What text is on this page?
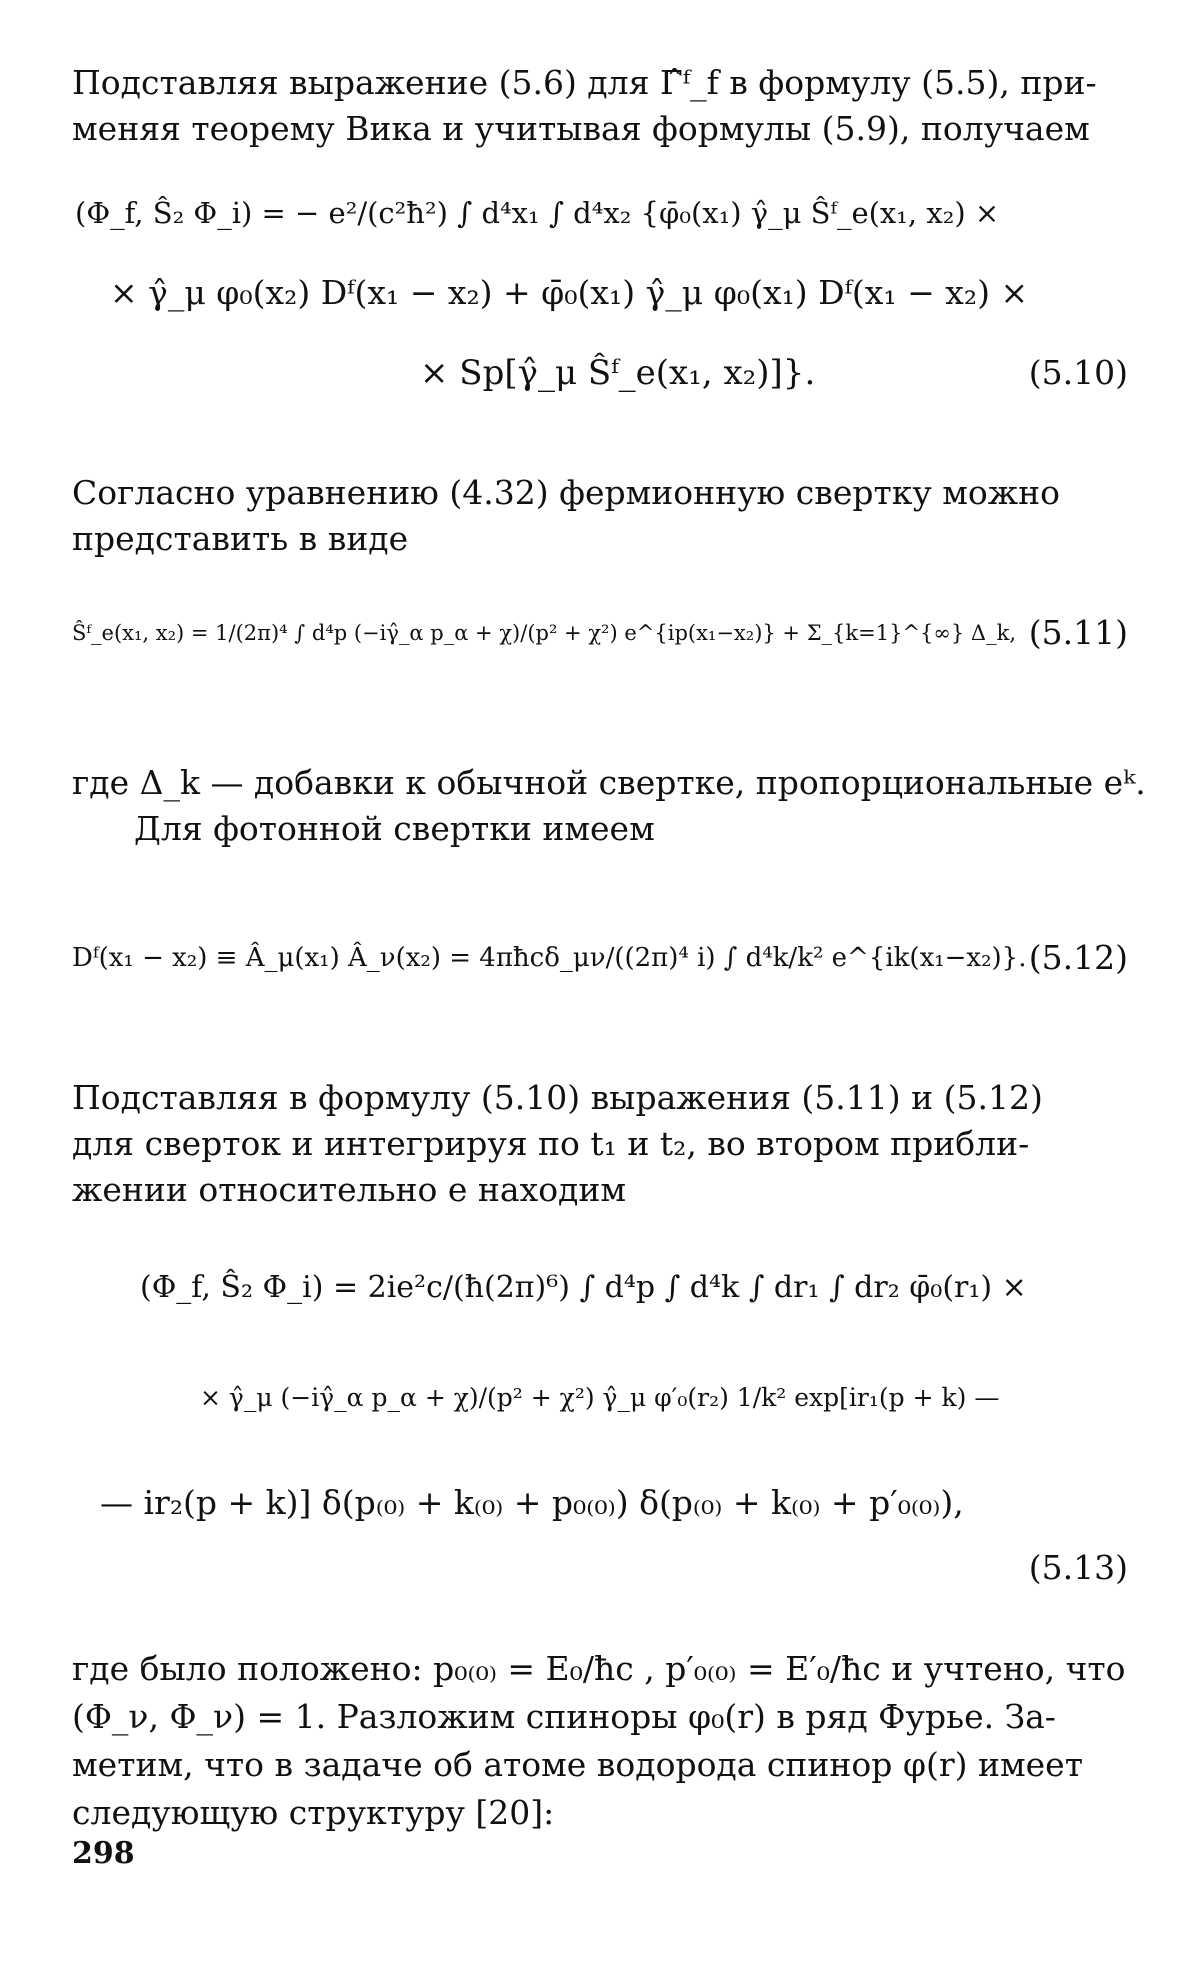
Подставляя выражение (5.6) для Γ̂ᶠ_f в формулу (5.5), при-
меняя теорему Вика и учитывая формулы (5.9), получаем
(Φ_f, Ŝ₂ Φ_i) = − e²/(c²ħ²) ∫ d⁴x₁ ∫ d⁴x₂ {φ̄₀(x₁) γ̂_μ Ŝᶠ_e(x₁, x₂) ×
× γ̂_μ φ₀(x₂) Dᶠ(x₁ − x₂) + φ̄₀(x₁) γ̂_μ φ₀(x₁) Dᶠ(x₁ − x₂) ×
× Sp[γ̂_μ Ŝᶠ_e(x₁, x₂)]}.	(5.10)
Согласно уравнению (4.32) фермионную свертку можно
представить в виде
Ŝᶠ_e(x₁, x₂) = 1/(2π)⁴ ∫ d⁴p (−iγ̂_α p_α + χ)/(p² + χ²) e^{ip(x₁−x₂)} + Σ_{k=1}^{∞} Δ_k, (5.11)
где Δ_k — добавки к обычной свертке, пропорциональные eᵏ.
Для фотонной свертки имеем
Dᶠ(x₁ − x₂) ≡ Â_μ(x₁) Â_ν(x₂) = 4πħcδ_μν/((2π)⁴ i) ∫ d⁴k/k² e^{ik(x₁−x₂)}. (5.12)
Подставляя в формулу (5.10) выражения (5.11) и (5.12)
для сверток и интегрируя по t₁ и t₂, во втором прибли-
жении относительно e находим
(Φ_f, Ŝ₂ Φ_i) = 2ie²c/(ħ(2π)⁶) ∫ d⁴p ∫ d⁴k ∫ dr₁ ∫ dr₂ φ̄₀(r₁) ×
× γ̂_μ (−iγ̂_α p_α + χ)/(p² + χ²) γ̂_μ φ′₀(r₂) 1/k² exp[ir₁(p + k) —
— ir₂(p + k)] δ(p₍₀₎ + k₍₀₎ + p₀₍₀₎) δ(p₍₀₎ + k₍₀₎ + p′₀₍₀₎),
(5.13)
где было положено: p₀₍₀₎ = E₀/ħc , p′₀₍₀₎ = E′₀/ħc и учтено, что
(Φ_ν, Φ_ν) = 1. Разложим спиноры φ₀(r) в ряд Фурье. За-
метим, что в задаче об атоме водорода спинор φ(r) имеет
следующую структуру [20]:
298
